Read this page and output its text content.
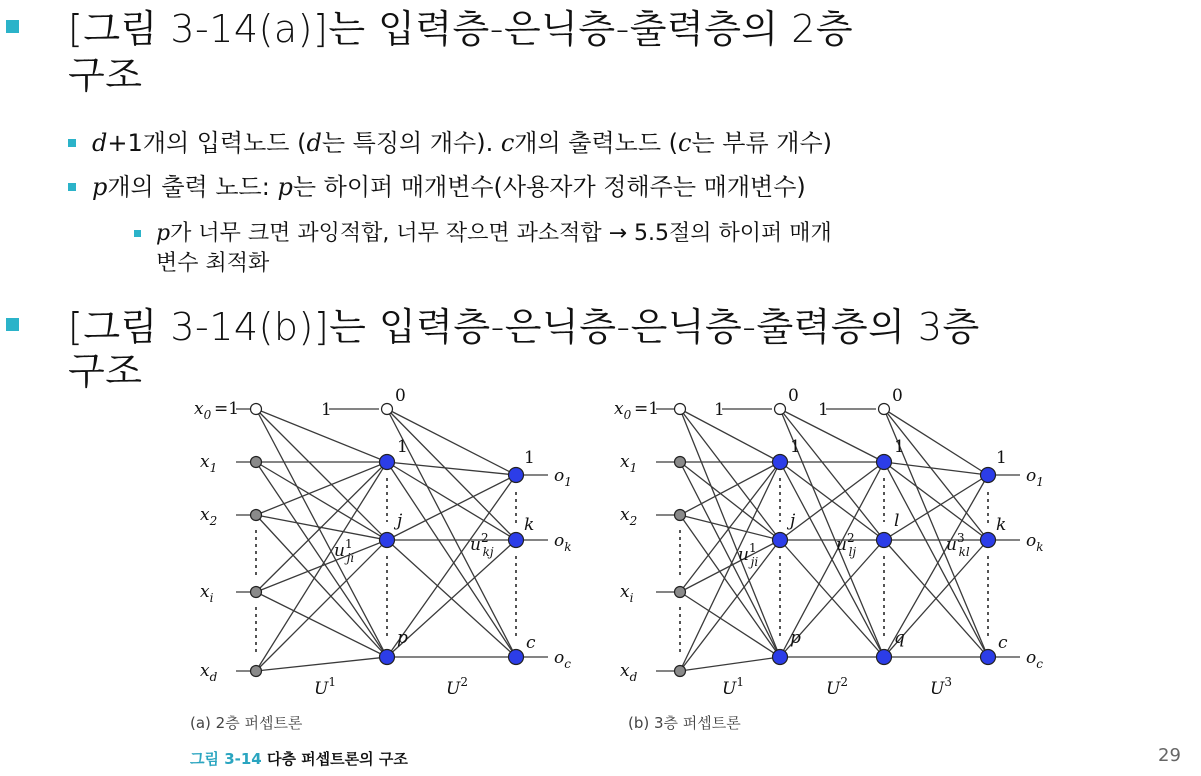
[그림 3-14(a)]는 입력층-은닉층-출력층의 2층
구조
d+1개의 입력노드 (d는 특징의 개수). c개의 출력노드 (c는 부류 개수)
p개의 출력 노드: p는 하이퍼 매개변수(사용자가 정해주는 매개변수)
p가 너무 크면 과잉적합, 너무 작으면 과소적합 → 5.5절의 하이퍼 매개
변수 최적화
[그림 3-14(b)]는 입력층-은닉층-은닉층-출력층의 3층
구조
$x_0 =1$
$x_1$
$x_2$
$x_i$
$x_d$
1
0
1
j
p
1
k
c
$o_1$
$o_k$
$o_c$
$u^1$ ji
$u^2$ kj
$U^1$	$U^2$
$x_0 =1$
$x_1$
$x_2$
$x_i$
$x_d$
1
0
1
0
1
j
p
1
l
q
1
k
c
$o_1$
$o_k$
$o_c$
$u^1$ ji
$u^2$ lj	$u^3$ kl
$U^1$	$U^2$	$U^3$
(a) 2층 퍼셉트론	(b) 3층 퍼셉트론
그림 3-14 다층 퍼셉트론의 구조	29
